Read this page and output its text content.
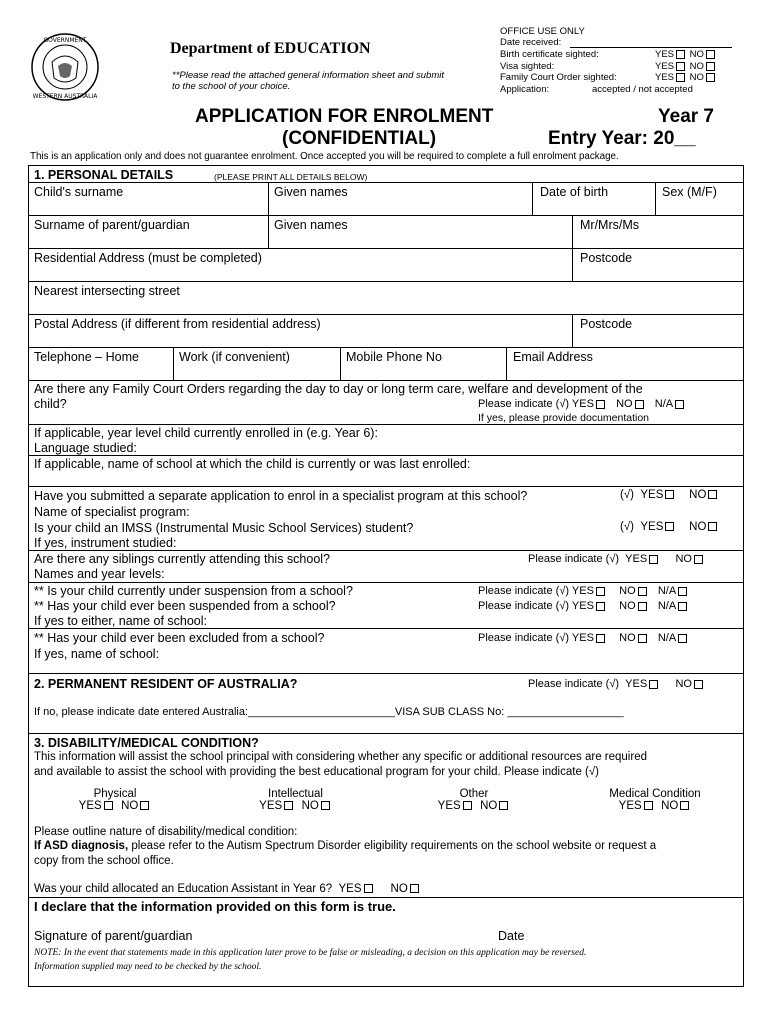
GOVERNMENT
WESTERN AUSTRALIA
Department of EDUCATION
**Please read the attached general information sheet and submit to the school of your choice.
OFFICE USE ONLY
Date received:
Birth certificate sighted:	YES NO
Visa sighted:	YES NO
Family Court Order sighted:	YES NO
Application:	accepted / not accepted
APPLICATION FOR ENROLMENT
(CONFIDENTIAL)
Year 7
Entry Year: 20__
This is an application only and does not guarantee enrolment. Once accepted you will be required to complete a full enrolment package.
1. PERSONAL DETAILS	(PLEASE PRINT ALL DETAILS BELOW)
Child's surname	Given names	Date of birth	Sex (M/F)
Surname of parent/guardian	Given names	Mr/Mrs/Ms
Residential Address (must be completed)	Postcode
Nearest intersecting street
Postal Address (if different from residential address)	Postcode
Telephone – Home	Work (if convenient)	Mobile Phone No	Email Address
Are there any Family Court Orders regarding the day to day or long term care, welfare and development of the
child?	Please indicate (√) YES NO N/A
If yes, please provide documentation
If applicable, year level child currently enrolled in (e.g. Year 6):
Language studied:
If applicable, name of school at which the child is currently or was last enrolled:
Have you submitted a separate application to enrol in a specialist program at this school?	(√) YES NO
Name of specialist program:
Is your child an IMSS (Instrumental Music School Services) student?	(√) YES NO
If yes, instrument studied:
Are there any siblings currently attending this school?	Please indicate (√) YES	NO
Names and year levels:
** Is your child currently under suspension from a school?	Please indicate (√) YES NO N/A
** Has your child ever been suspended from a school?	Please indicate (√) YES NO N/A
If yes to either, name of school:
** Has your child ever been excluded from a school?	Please indicate (√) YES NO N/A
If yes, name of school:
2. PERMANENT RESIDENT OF AUSTRALIA?	Please indicate (√) YES	NO
If no, please indicate date entered Australia:________________________VISA SUB CLASS No: ___________________
3. DISABILITY/MEDICAL CONDITION?
This information will assist the school principal with considering whether any specific or additional resources are required
and available to assist the school with providing the best educational program for your child. Please indicate (√)
Physical
YES NO
Intellectual
YES NO
Other
YES NO
Medical Condition
YES NO
Please outline nature of disability/medical condition:
If ASD diagnosis, please refer to the Autism Spectrum Disorder eligibility requirements on the school website or request a
copy from the school office.
Was your child allocated an Education Assistant in Year 6? YES	NO
I declare that the information provided on this form is true.
Signature of parent/guardian	Date
NOTE: In the event that statements made in this application later prove to be false or misleading, a decision on this application may be reversed.
Information supplied may need to be checked by the school.
